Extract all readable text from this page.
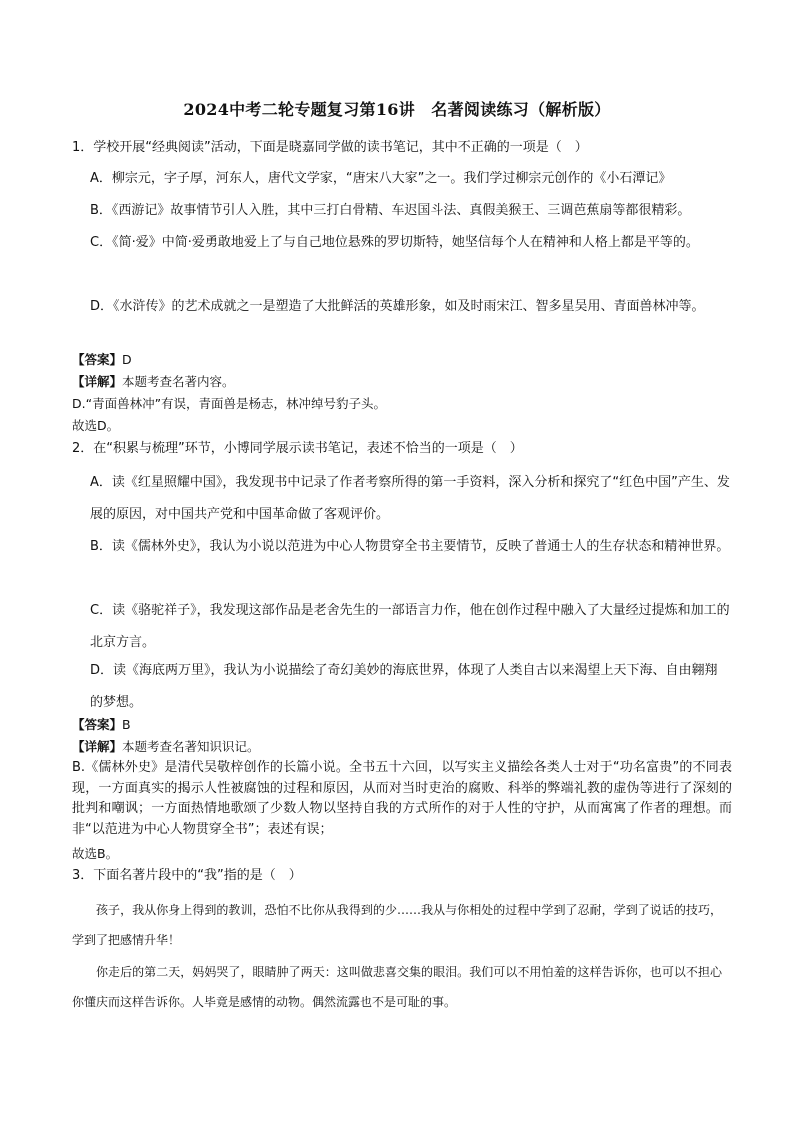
2024中考二轮专题复习第16讲　名著阅读练习（解析版）
1．学校开展“经典阅读”活动，下面是晓嘉同学做的读书笔记，其中不正确的一项是（　）
A．柳宗元，字子厚，河东人，唐代文学家，“唐宋八大家”之一。我们学过柳宗元创作的《小石潭记》
B．《西游记》故事情节引人入胜，其中三打白骨精、车迟国斗法、真假美猴王、三调芭蕉扇等都很精彩。
C．《简·爱》中简·爱勇敢地爱上了与自己地位悬殊的罗切斯特，她坚信每个人在精神和人格上都是平等的。
D．《水浒传》的艺术成就之一是塑造了大批鲜活的英雄形象，如及时雨宋江、智多星吴用、青面兽林冲等。
【答案】D
【详解】本题考查名著内容。
D.“青面兽林冲”有误，青面兽是杨志，林冲绰号豹子头。
故选D。
2．在“积累与梳理”环节，小博同学展示读书笔记，表述不恰当的一项是（　）
A．读《红星照耀中国》，我发现书中记录了作者考察所得的第一手资料，深入分析和探究了“红色中国”产生、发展的原因，对中国共产党和中国革命做了客观评价。
B．读《儒林外史》，我认为小说以范进为中心人物贯穿全书主要情节，反映了普通士人的生存状态和精神世界。
C．读《骆驼祥子》，我发现这部作品是老舍先生的一部语言力作，他在创作过程中融入了大量经过提炼和加工的北京方言。
D．读《海底两万里》，我认为小说描绘了奇幻美妙的海底世界，体现了人类自古以来渴望上天下海、自由翱翔的梦想。
【答案】B
【详解】本题考查名著知识识记。
B.《儒林外史》是清代吴敬梓创作的长篇小说。全书五十六回，以写实主义描绘各类人士对于“功名富贵”的不同表现，一方面真实的揭示人性被腐蚀的过程和原因，从而对当时吏治的腐败、科举的弊端礼教的虚伪等进行了深刻的批判和嘲讽；一方面热情地歌颂了少数人物以坚持自我的方式所作的对于人性的守护，从而寓寓了作者的理想。而非“以范进为中心人物贯穿全书”；表述有误；
故选B。
3．下面名著片段中的“我”指的是（　）
孩子，我从你身上得到的教训，恐怕不比你从我得到的少……我从与你相处的过程中学到了忍耐，学到了说话的技巧，学到了把感情升华！
你走后的第二天，妈妈哭了，眼睛肿了两天：这叫做悲喜交集的眼泪。我们可以不用怕羞的这样告诉你，也可以不担心你懂庆而这样告诉你。人毕竟是感情的动物。偶然流露也不是可耻的事。
